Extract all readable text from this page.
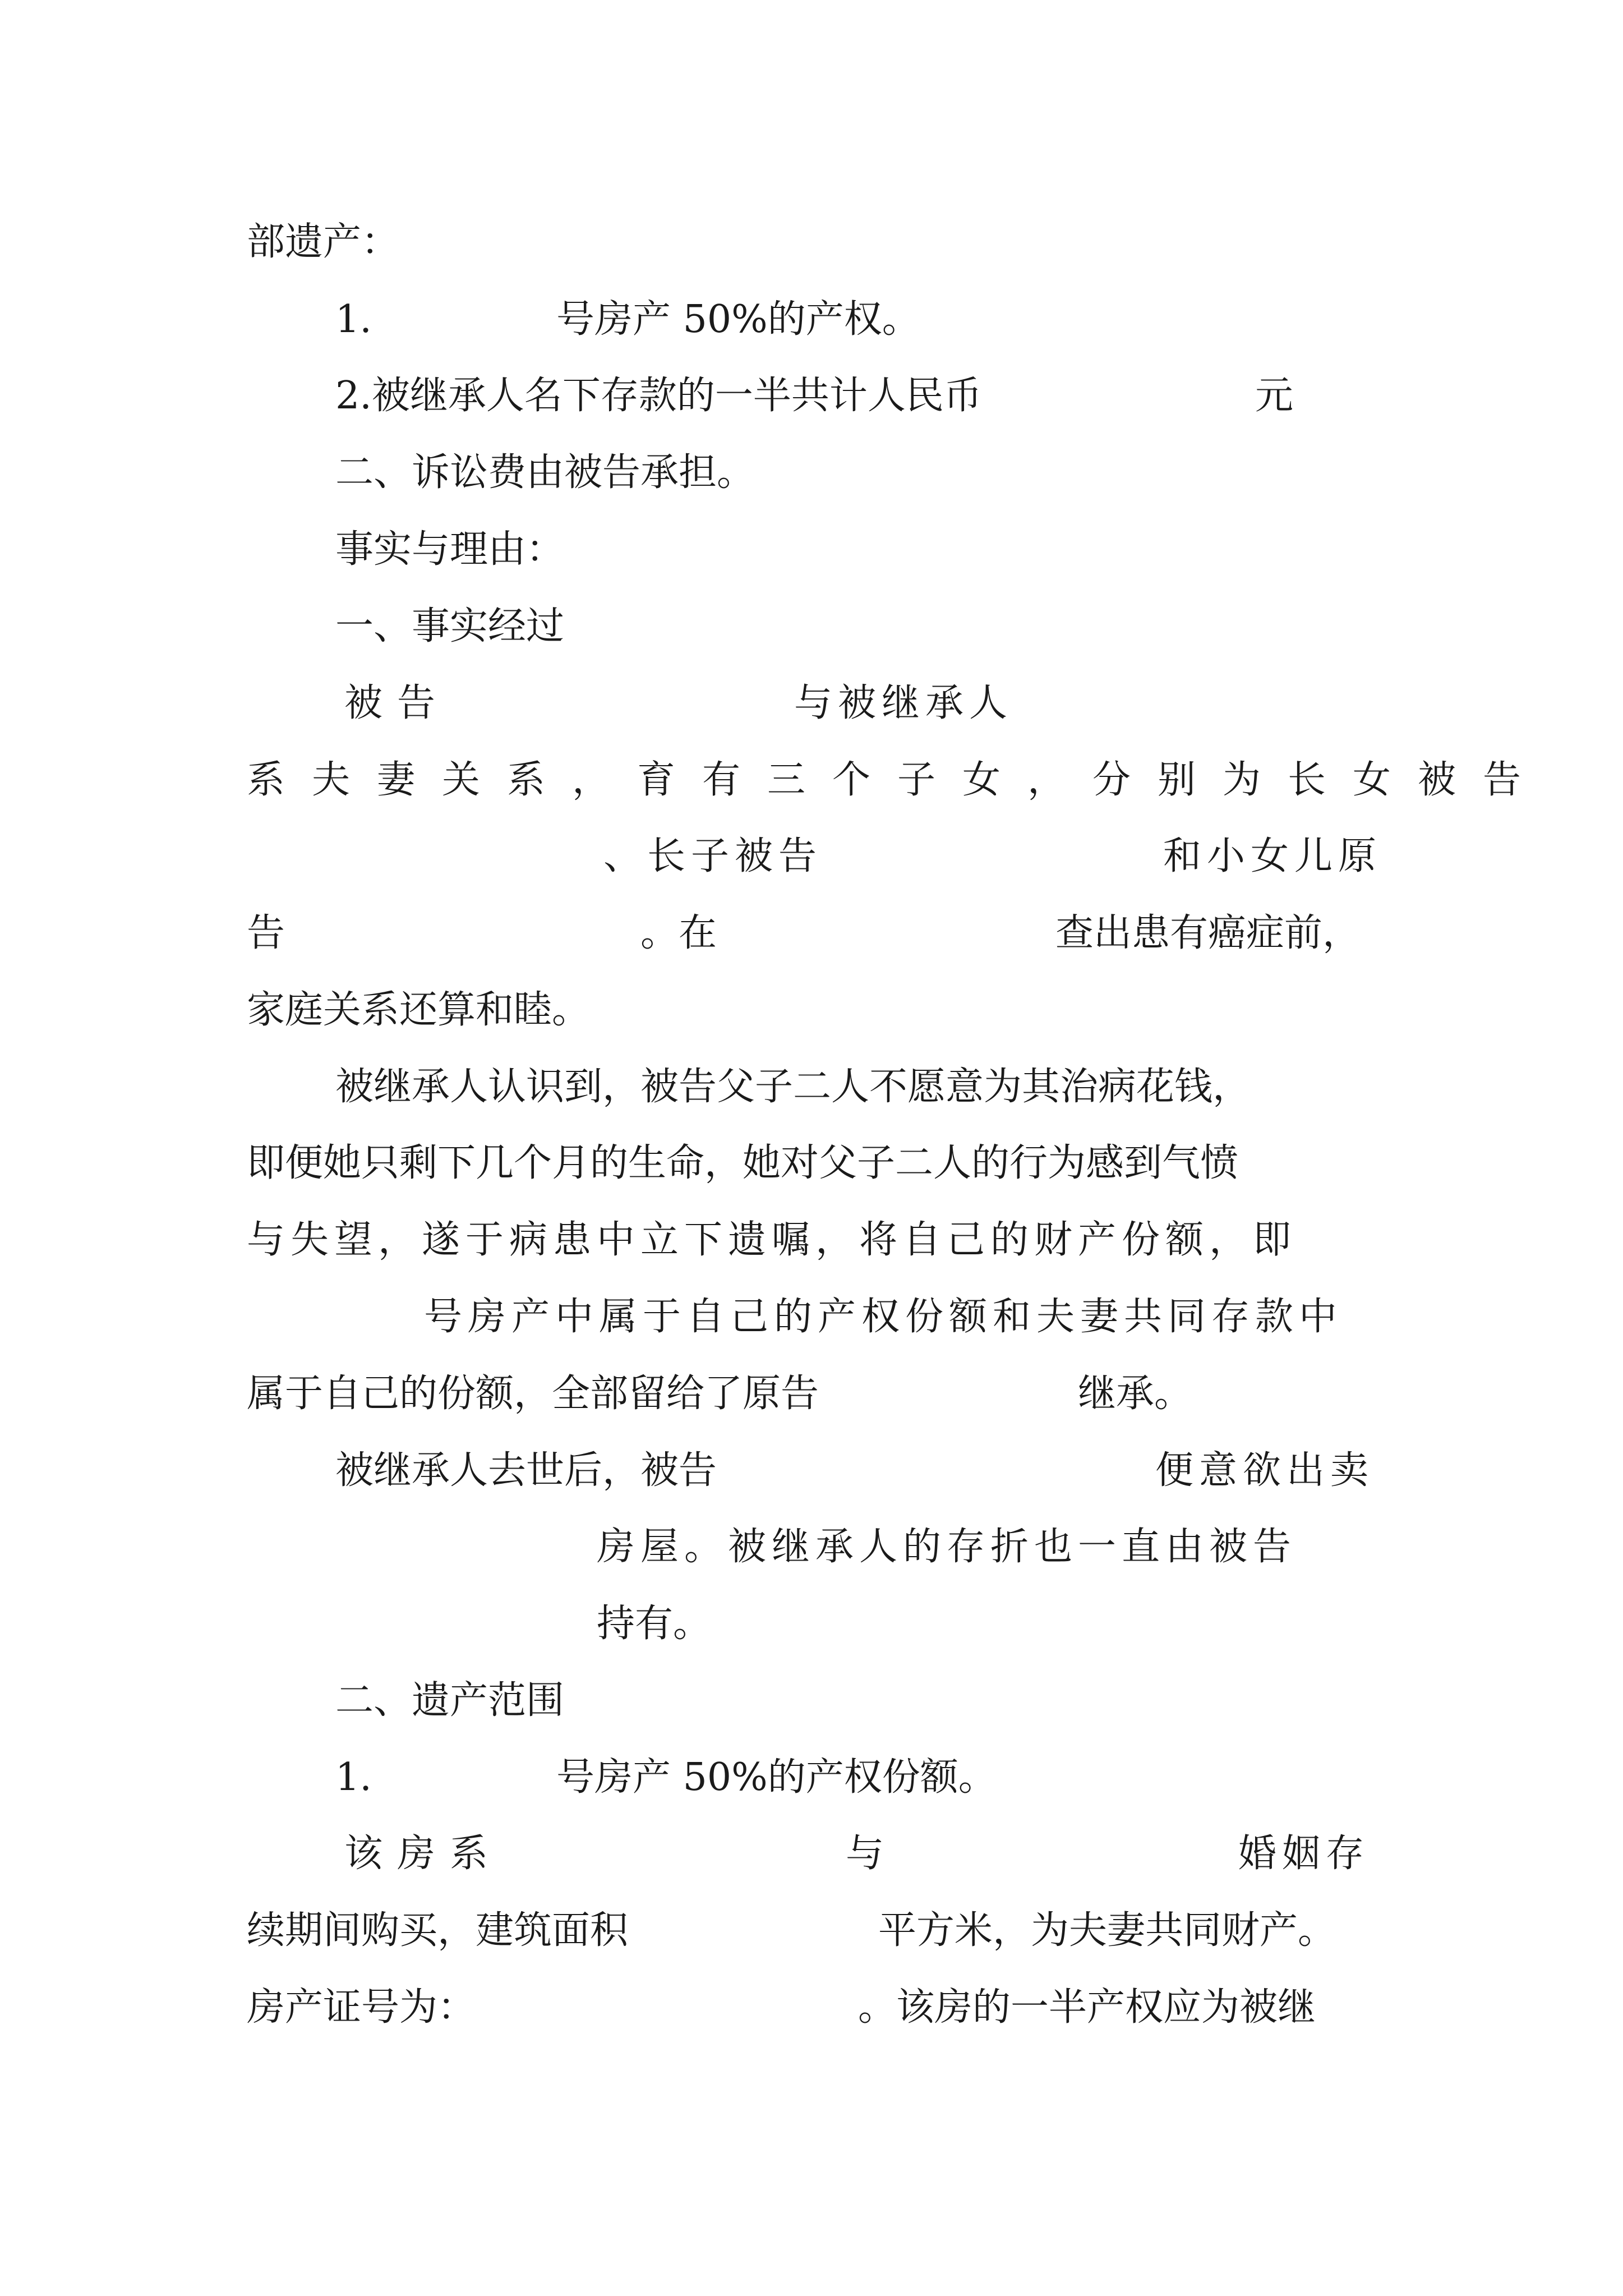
部遗产：
1.	号房产 50%的产权。
2.被继承人名下存款的一半共计人民币	元
二、诉讼费由被告承担。
事实与理由：
一、事实经过
被告	与被继承人
系夫妻关系，育有三个子女，分别为长女被告
、长子被告	和小女儿原
告	。在	查出患有癌症前，
家庭关系还算和睦。
被继承人认识到，被告父子二人不愿意为其治病花钱，
即便她只剩下几个月的生命，她对父子二人的行为感到气愤
与失望，遂于病患中立下遗嘱，将自己的财产份额，即
号房产中属于自己的产权份额和夫妻共同存款中
属于自己的份额，全部留给了原告	继承。
被继承人去世后，被告	便意欲出卖
房屋。被继承人的存折也一直由被告
持有。
二、遗产范围
1.	号房产 50%的产权份额。
该房系	与	婚姻存
续期间购买，建筑面积	平方米，为夫妻共同财产。
房产证号为：	。该房的一半产权应为被继
